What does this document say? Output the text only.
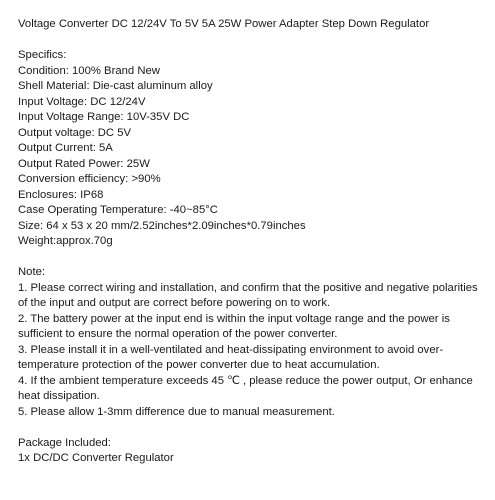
Voltage Converter DC 12/24V To 5V 5A 25W Power Adapter Step Down Regulator

Specifics:

Condition: 100% Brand New

Shell Material: Die-cast aluminum alloy

Input Voltage: DC 12/24V

Input Voltage Range: 10V-35V DC

Output voltage: DC 5V

Output Current: 5A

Output Rated Power: 25W

Conversion efficiency: >90%

Enclosures: IP68

Case Operating Temperature: -40~85°C

Size: 64 x 53 x 20 mm/2.52inches*2.09inches*0.79inches

Weight:approx.70g

Note:

1. Please correct wiring and installation, and confirm that the positive and negative polarities of the input and output are correct before powering on to work.

2. The battery power at the input end is within the input voltage range and the power is sufficient to ensure the normal operation of the power converter.

3. Please install it in a well-ventilated and heat-dissipating environment to avoid over-temperature protection of the power converter due to heat accumulation.

4. If the ambient temperature exceeds 45 ℃ , please reduce the power output, Or enhance heat dissipation.

5. Please allow 1-3mm difference due to manual measurement.

Package Included:

1x DC/DC Converter Regulator
